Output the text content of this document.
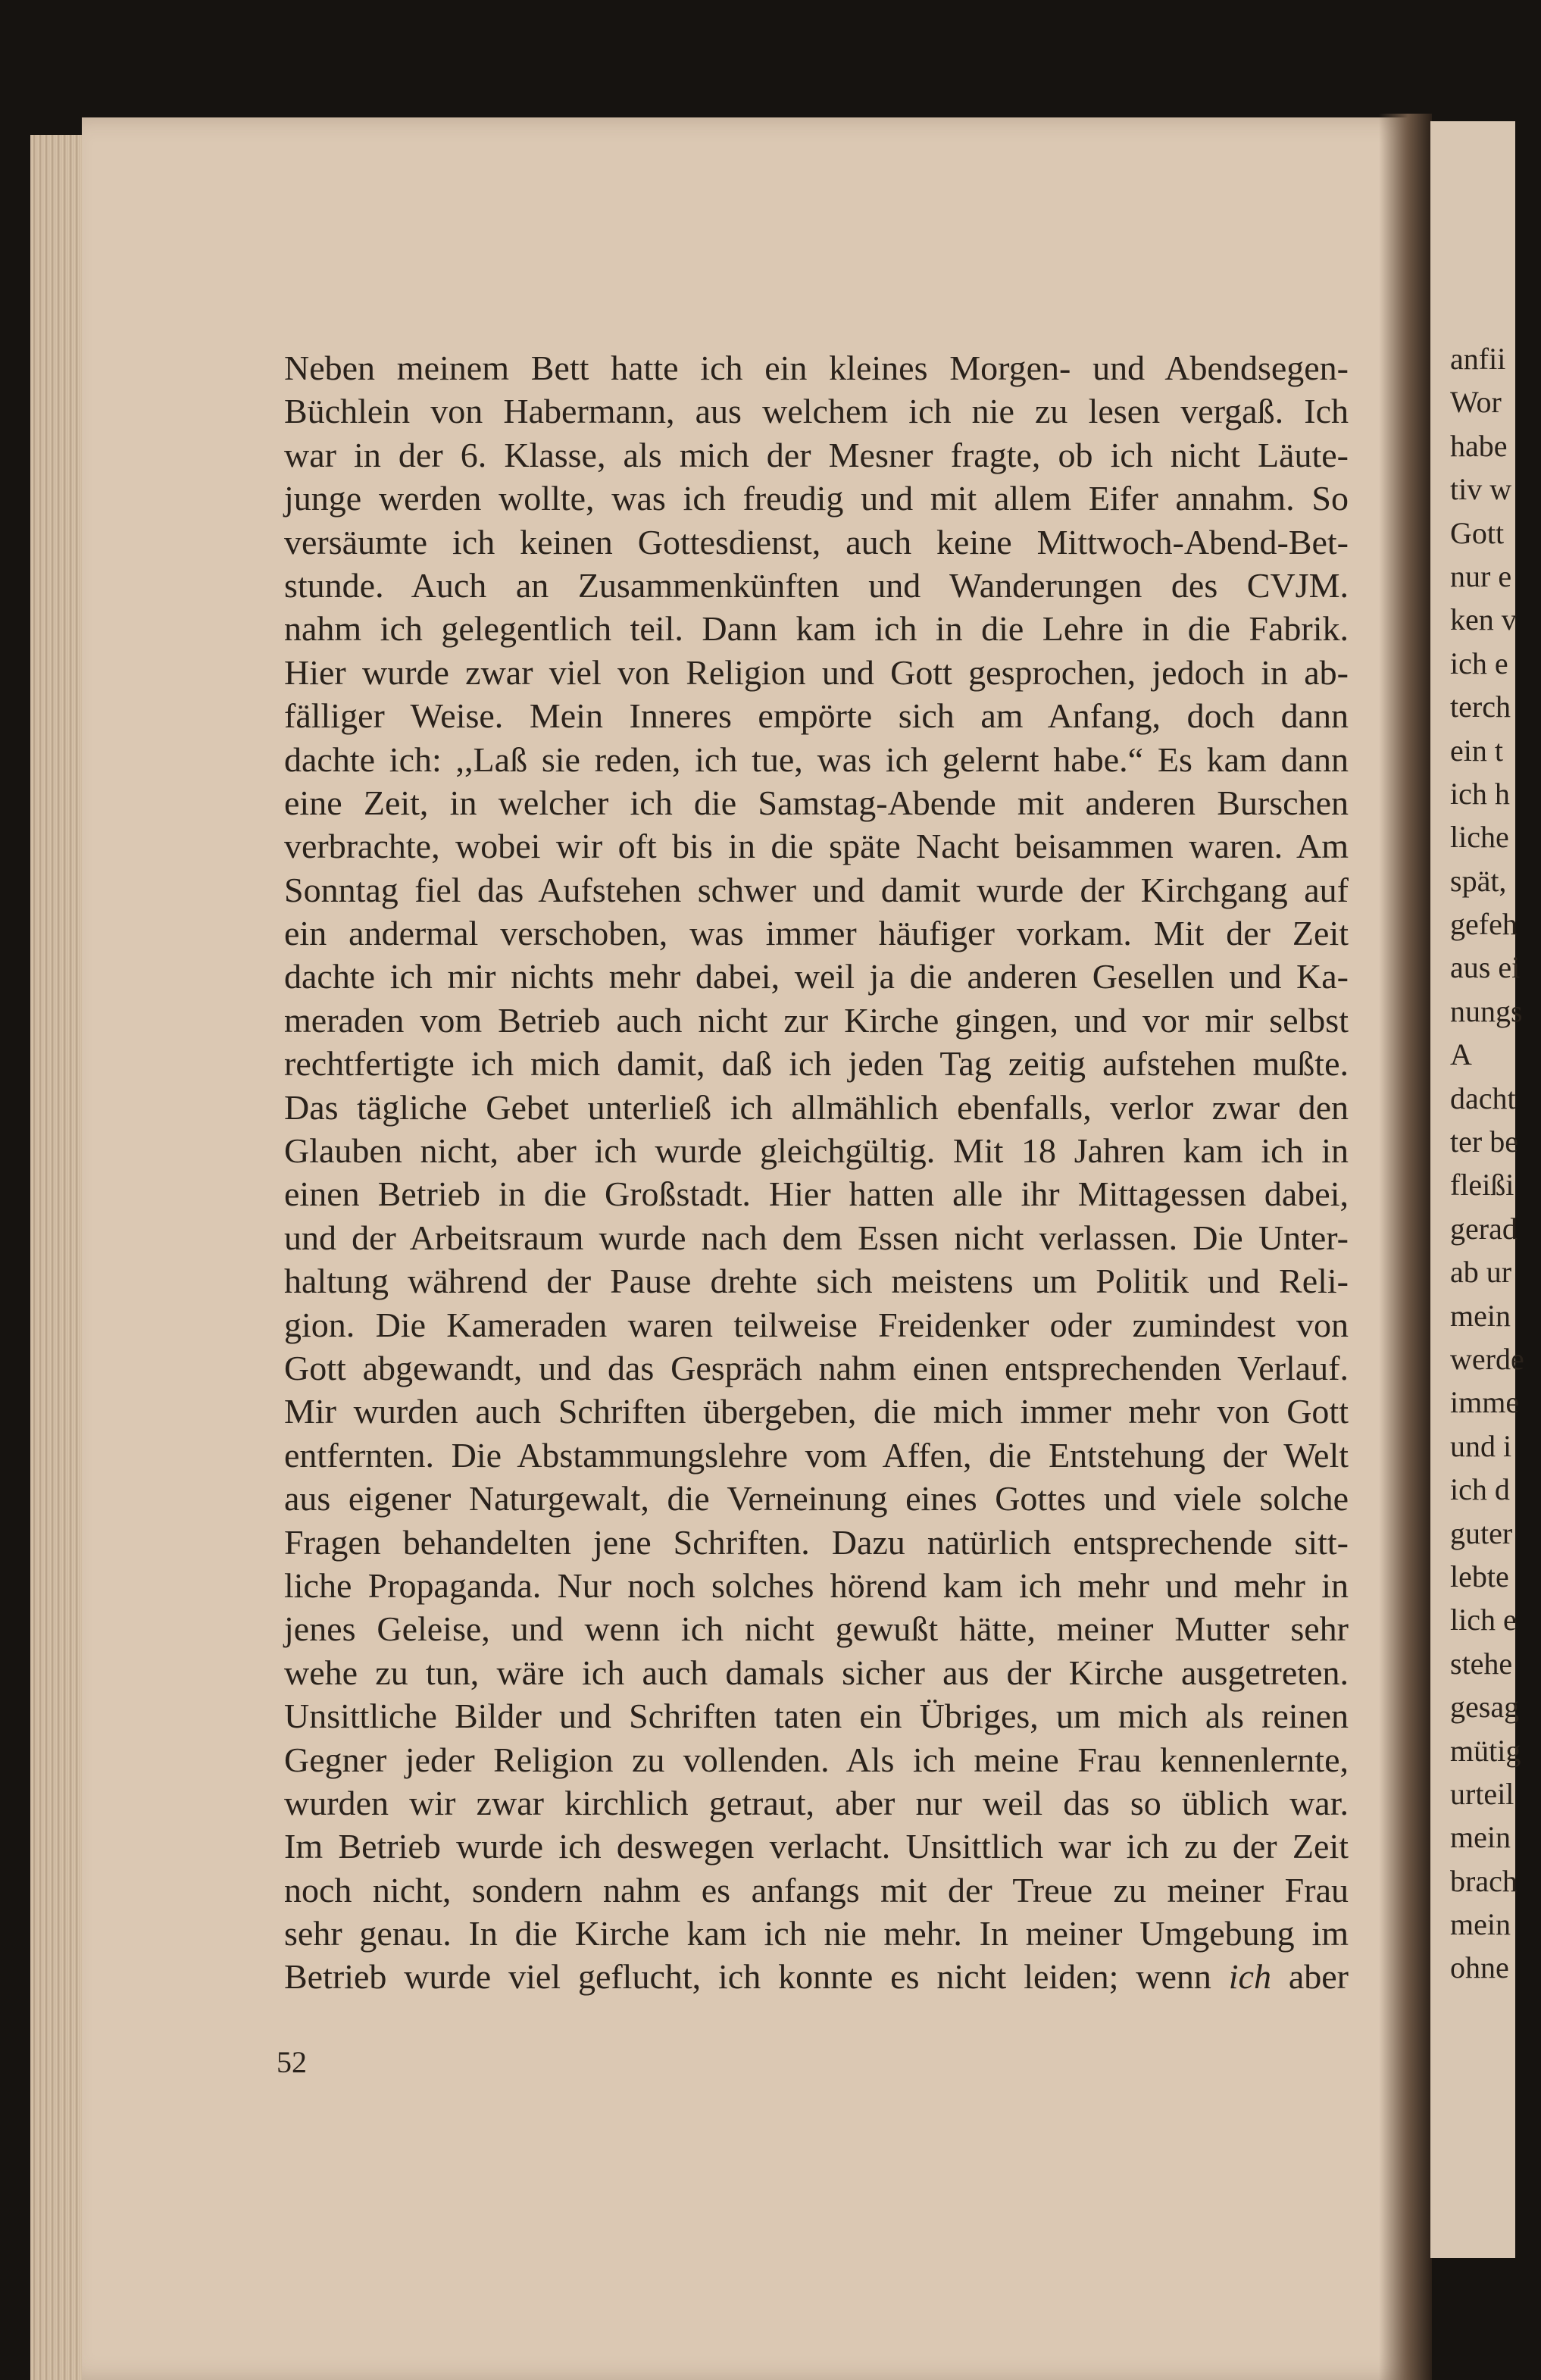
anfii
Wor
habe
tiv w
Gott
nur e
ken v
ich e
terch
ein t
ich h
liche
spät,
gefeh
aus ei
nungs
A
dacht
ter be
fleißi
gerad
ab ur
mein
werde
imme
und i
ich d
guter
lebte
lich e
stehe
gesag
mütig
urteil
mein
brach
mein
ohne
Neben meinem Bett hatte ich ein kleines Morgen- und Abendsegen-
Büchlein von Habermann, aus welchem ich nie zu lesen vergaß. Ich
war in der 6. Klasse, als mich der Mesner fragte, ob ich nicht Läute-
junge werden wollte, was ich freudig und mit allem Eifer annahm. So
versäumte ich keinen Gottesdienst, auch keine Mittwoch-Abend-Bet-
stunde. Auch an Zusammenkünften und Wanderungen des CVJM.
nahm ich gelegentlich teil. Dann kam ich in die Lehre in die Fabrik.
Hier wurde zwar viel von Religion und Gott gesprochen, jedoch in ab-
fälliger Weise. Mein Inneres empörte sich am Anfang, doch dann
dachte ich: ,,Laß sie reden, ich tue, was ich gelernt habe.“ Es kam dann
eine Zeit, in welcher ich die Samstag-Abende mit anderen Burschen
verbrachte, wobei wir oft bis in die späte Nacht beisammen waren. Am
Sonntag fiel das Aufstehen schwer und damit wurde der Kirchgang auf
ein andermal verschoben, was immer häufiger vorkam. Mit der Zeit
dachte ich mir nichts mehr dabei, weil ja die anderen Gesellen und Ka-
meraden vom Betrieb auch nicht zur Kirche gingen, und vor mir selbst
rechtfertigte ich mich damit, daß ich jeden Tag zeitig aufstehen mußte.
Das tägliche Gebet unterließ ich allmählich ebenfalls, verlor zwar den
Glauben nicht, aber ich wurde gleichgültig. Mit 18 Jahren kam ich in
einen Betrieb in die Großstadt. Hier hatten alle ihr Mittagessen dabei,
und der Arbeitsraum wurde nach dem Essen nicht verlassen. Die Unter-
haltung während der Pause drehte sich meistens um Politik und Reli-
gion. Die Kameraden waren teilweise Freidenker oder zumindest von
Gott abgewandt, und das Gespräch nahm einen entsprechenden Verlauf.
Mir wurden auch Schriften übergeben, die mich immer mehr von Gott
entfernten. Die Abstammungslehre vom Affen, die Entstehung der Welt
aus eigener Naturgewalt, die Verneinung eines Gottes und viele solche
Fragen behandelten jene Schriften. Dazu natürlich entsprechende sitt-
liche Propaganda. Nur noch solches hörend kam ich mehr und mehr in
jenes Geleise, und wenn ich nicht gewußt hätte, meiner Mutter sehr
wehe zu tun, wäre ich auch damals sicher aus der Kirche ausgetreten.
Unsittliche Bilder und Schriften taten ein Übriges, um mich als reinen
Gegner jeder Religion zu vollenden. Als ich meine Frau kennenlernte,
wurden wir zwar kirchlich getraut, aber nur weil das so üblich war.
Im Betrieb wurde ich deswegen verlacht. Unsittlich war ich zu der Zeit
noch nicht, sondern nahm es anfangs mit der Treue zu meiner Frau
sehr genau. In die Kirche kam ich nie mehr. In meiner Umgebung im
Betrieb wurde viel geflucht, ich konnte es nicht leiden; wenn ich aber
52
